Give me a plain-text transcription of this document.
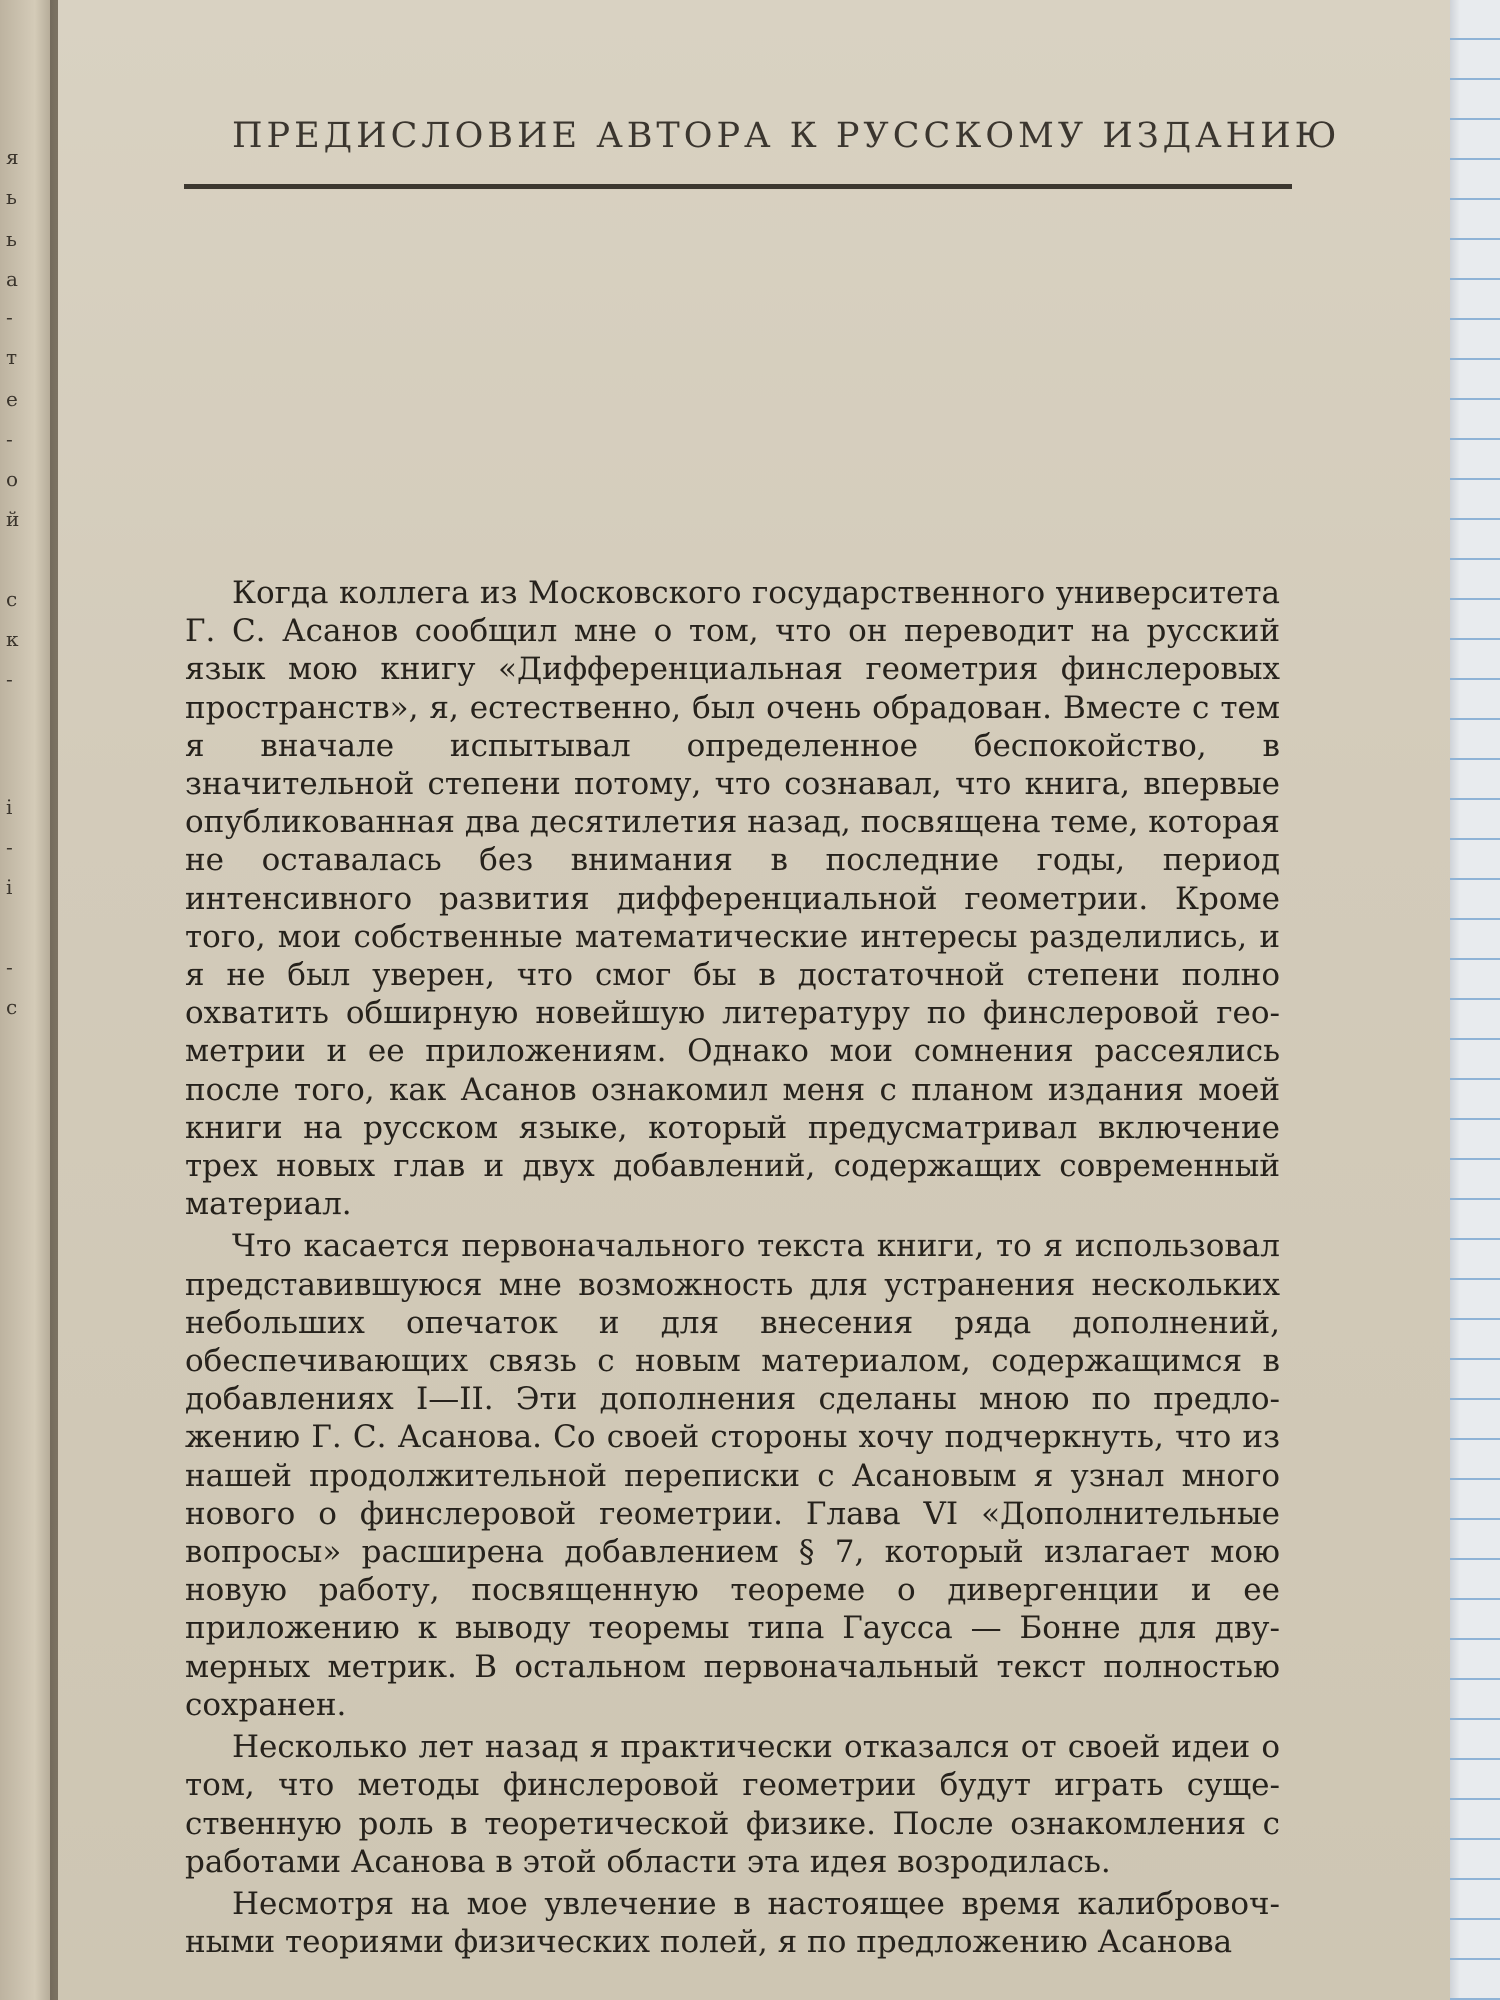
я
ь
ь
а
-
т
е
-
о
й
с
к
-
і
-
і
-
с
ПРЕДИСЛОВИЕ АВТОРА К РУССКОМУ ИЗДАНИЮ

Когда коллега из Московского государственного университета Г. С. Асанов сообщил мне о том, что он переводит на русский язык мою книгу «Дифференциальная геометрия финслеровых пространств», я, естественно, был очень обрадован. Вместе с тем я вначале испытывал определенное беспокойство, в значительной степени потому, что сознавал, что книга, впервые опубликованная два десятилетия назад, посвящена теме, которая не оставалась без внимания в последние годы, период интенсивного развития дифференциальной геометрии. Кроме того, мои собственные математические интересы разделились, и я не был уверен, что смог бы в достаточной степени полно охватить обширную новейшую литературу по финслеровой геометрии и ее приложениям. Однако мои сомнения рассеялись после того, как Асанов ознакомил меня с планом издания моей книги на русском языке, который предусматривал включение трех новых глав и двух добавлений, содержащих современный материал.

Что касается первоначального текста книги, то я использовал представившуюся мне возможность для устранения нескольких небольших опечаток и для внесения ряда дополнений, обеспечивающих связь с новым материалом, содержащимся в добавлениях I—II. Эти дополнения сделаны мною по предложению Г. С. Асанова. Со своей стороны хочу подчеркнуть, что из нашей продолжительной переписки с Асановым я узнал много нового о финслеровой геометрии. Глава VI «Дополнительные вопросы» расширена добавлением § 7, который излагает мою новую работу, посвященную теореме о дивергенции и ее приложению к выводу теоремы типа Гаусса — Бонне для двумерных метрик. В остальном первоначальный текст полностью сохранен.

Несколько лет назад я практически отказался от своей идеи о том, что методы финслеровой геометрии будут играть существенную роль в теоретической физике. После ознакомления с работами Асанова в этой области эта идея возродилась.

Несмотря на мое увлечение в настоящее время калибровочными теориями физических полей, я по предложению Асанова
